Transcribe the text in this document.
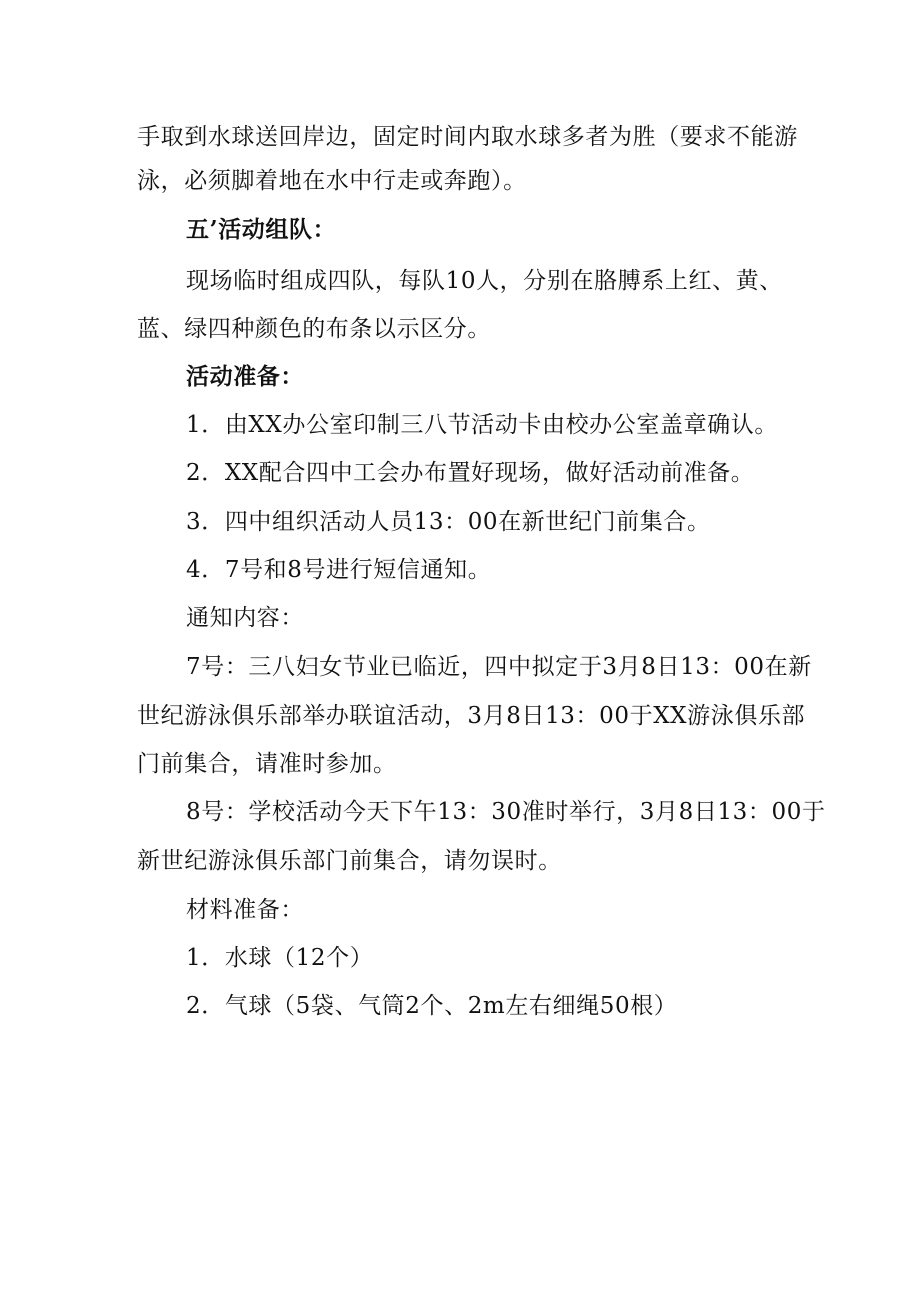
手取到水球送回岸边，固定时间内取水球多者为胜（要求不能游
泳，必须脚着地在水中行走或奔跑）。
五’活动组队：
现场临时组成四队，每队10人，分别在胳膊系上红、黄、
蓝、绿四种颜色的布条以示区分。
活动准备：
1．由XX办公室印制三八节活动卡由校办公室盖章确认。
2．XX配合四中工会办布置好现场，做好活动前准备。
3．四中组织活动人员13：00在新世纪门前集合。
4．7号和8号进行短信通知。
通知内容：
7号：三八妇女节业已临近，四中拟定于3月8日13：00在新
世纪游泳俱乐部举办联谊活动，3月8日13：00于XX游泳俱乐部
门前集合，请准时参加。
8号：学校活动今天下午13：30准时举行，3月8日13：00于
新世纪游泳俱乐部门前集合，请勿误时。
材料准备：
1．水球（12个）
2．气球（5袋、气筒2个、2m左右细绳50根）
